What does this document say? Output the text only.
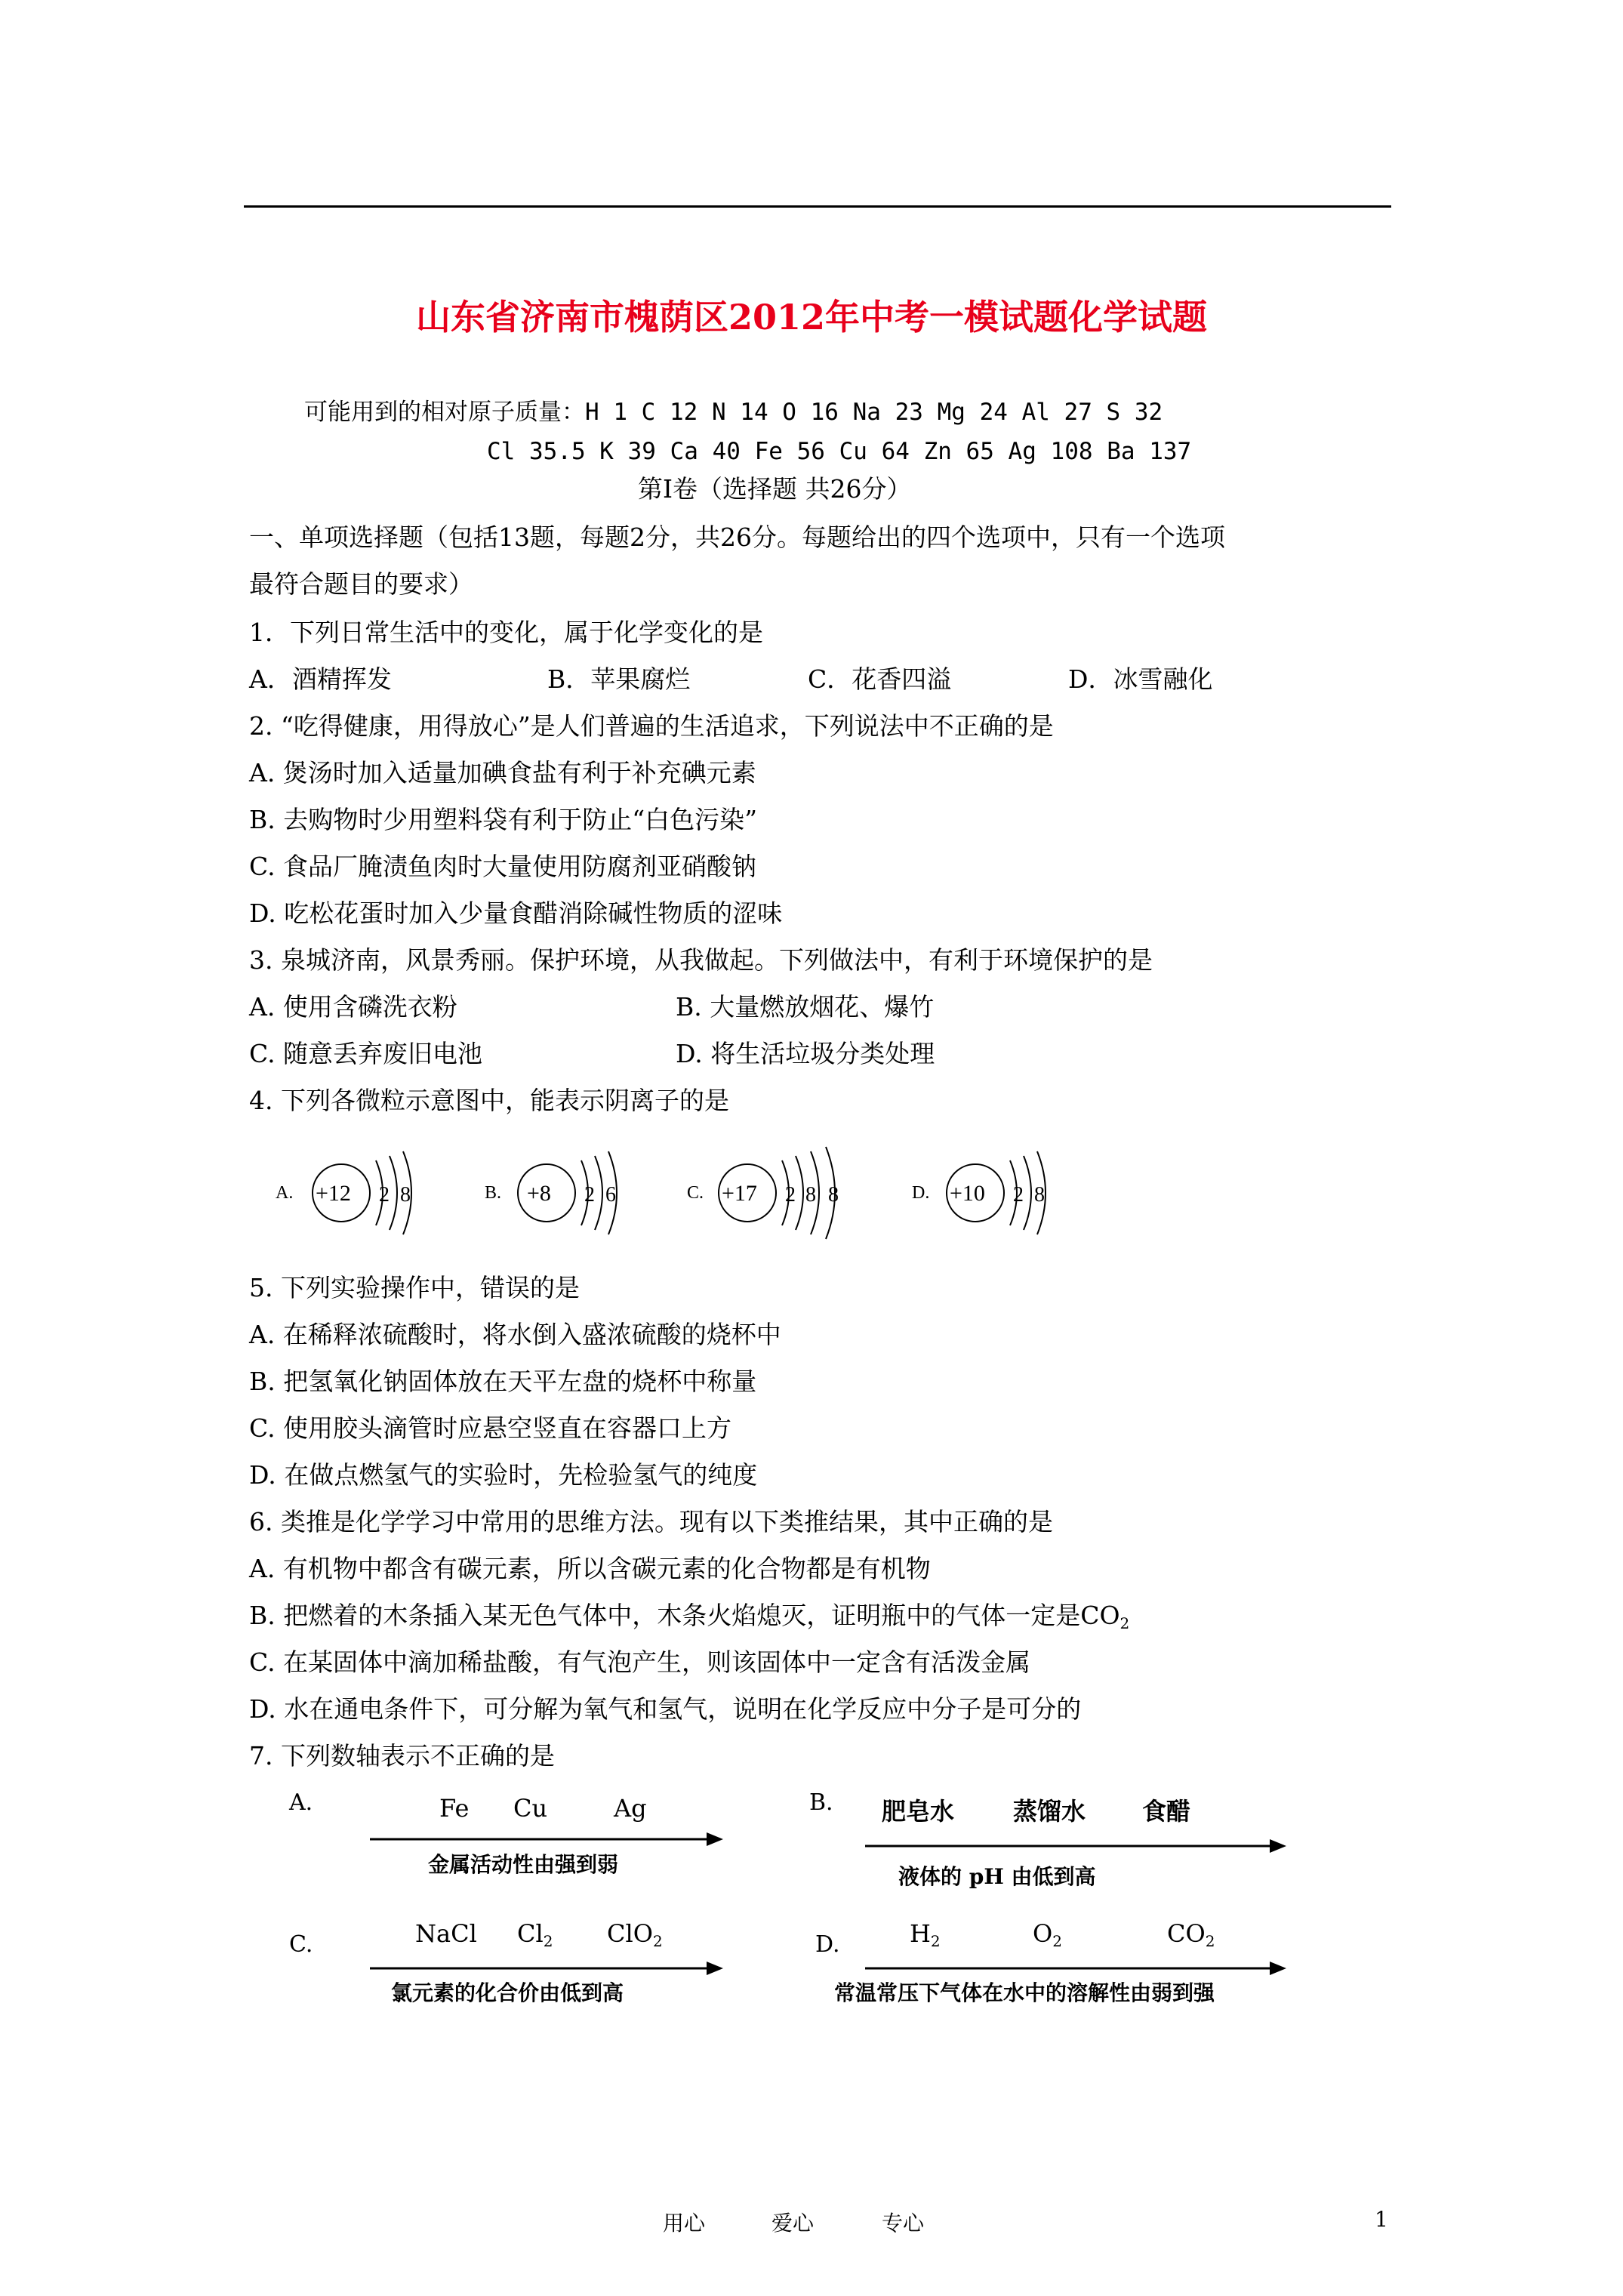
山东省济南市槐荫区2012年中考一模试题化学试题
可能用到的相对原子质量：H 1 C 12 N 14 O 16 Na 23 Mg 24 Al 27 S 32
Cl 35.5 K 39 Ca 40 Fe 56 Cu 64 Zn 65 Ag 108 Ba 137
第Ⅰ卷（选择题 共26分）
一、单项选择题（包括13题，每题2分，共26分。每题给出的四个选项中，只有一个选项
最符合题目的要求）
1．下列日常生活中的变化，属于化学变化的是
A．酒精挥发	B．苹果腐烂	C．花香四溢	D．冰雪融化
2. “吃得健康，用得放心”是人们普遍的生活追求，下列说法中不正确的是
A. 煲汤时加入适量加碘食盐有利于补充碘元素
B. 去购物时少用塑料袋有利于防止“白色污染”
C. 食品厂腌渍鱼肉时大量使用防腐剂亚硝酸钠
D. 吃松花蛋时加入少量食醋消除碱性物质的涩味
3. 泉城济南，风景秀丽。保护环境，从我做起。下列做法中，有利于环境保护的是
A. 使用含磷洗衣粉	B. 大量燃放烟花、爆竹
C. 随意丢弃废旧电池	D. 将生活垃圾分类处理
4. 下列各微粒示意图中，能表示阴离子的是
A. +12 2 8	B. +8 2 6	C. +17 2 8 8	D. +10 2 8
5. 下列实验操作中，错误的是
A. 在稀释浓硫酸时，将水倒入盛浓硫酸的烧杯中
B. 把氢氧化钠固体放在天平左盘的烧杯中称量
C. 使用胶头滴管时应悬空竖直在容器口上方
D. 在做点燃氢气的实验时，先检验氢气的纯度
6. 类推是化学学习中常用的思维方法。现有以下类推结果，其中正确的是
A. 有机物中都含有碳元素，所以含碳元素的化合物都是有机物
B. 把燃着的木条插入某无色气体中，木条火焰熄灭，证明瓶中的气体一定是$CO_2$
C. 在某固体中滴加稀盐酸，有气泡产生，则该固体中一定含有活泼金属
D. 水在通电条件下，可分解为氧气和氢气，说明在化学反应中分子是可分的
7. 下列数轴表示不正确的是
A.	Fe Cu	Ag
金属活动性由强到弱
B. 肥皂水 蒸馏水 食醋
液体的 pH 由低到高
C.	NaCl $Cl_2$ ClO$_2$
氯元素的化合价由低到高
D.	$H_2$	$O_2$	$CO_2$
常温常压下气体在水中的溶解性由弱到强
用心	爱心	专心	1
